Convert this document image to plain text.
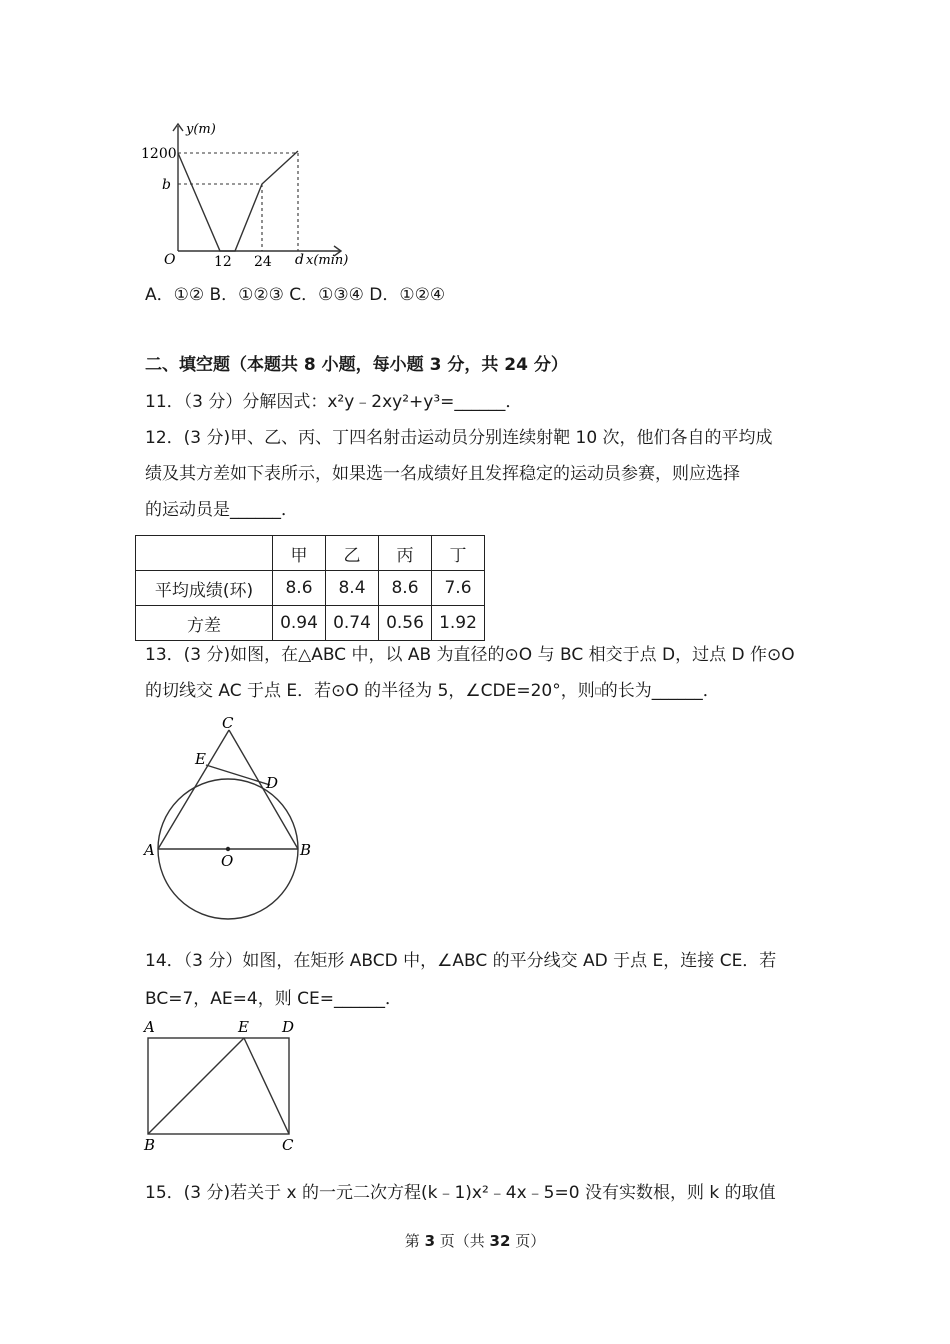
y(m)
1200
b
O	12 24 d x(min)
A．①② B．①②③ C．①③④ D．①②④
二、填空题（本题共 8 小题，每小题 3 分，共 24 分）
11．（3 分）分解因式：x²y﹣2xy²+y³=______．
12．(3 分)甲、乙、丙、丁四名射击运动员分别连续射靶 10 次，他们各自的平均成
绩及其方差如下表所示，如果选一名成绩好且发挥稳定的运动员参赛，则应选择
的运动员是______．
	甲	乙	丙	丁
平均成绩(环)	8.6	8.4	8.6	7.6
方差	0.94	0.74	0.56	1.92
13．(3 分)如图，在△ABC 中，以 AB 为直径的⊙O 与 BC 相交于点 D，过点 D 作⊙O
的切线交 AC 于点 E．若⊙O 的半径为 5，∠CDE=20°，则 的长为______．
C
E
D
A
O
B
14．（3 分）如图，在矩形 ABCD 中，∠ABC 的平分线交 AD 于点 E，连接 CE．若
BC=7，AE=4，则 CE=______．
A	E D
B	C
15．(3 分)若关于 x 的一元二次方程(k﹣1)x²﹣4x﹣5=0 没有实数根，则 k 的取值
第 3 页（共 32 页）
